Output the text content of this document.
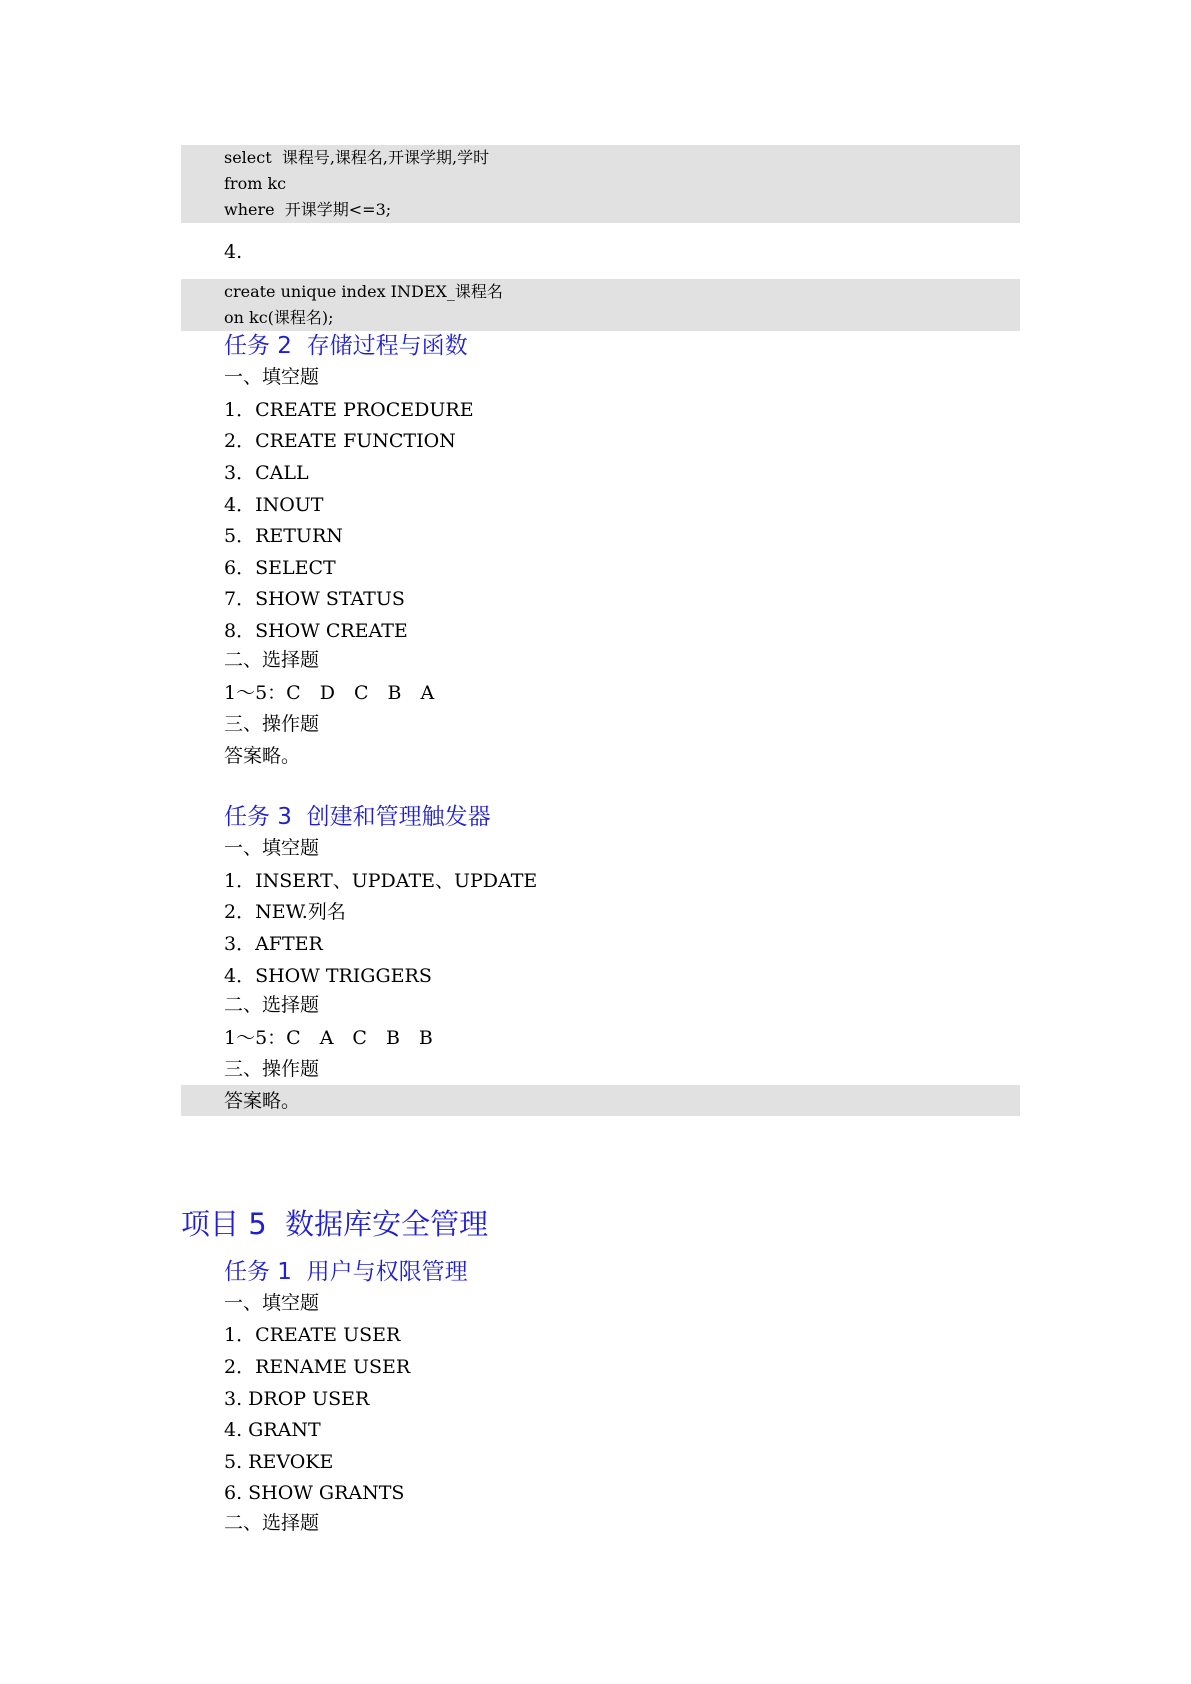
select  课程号,课程名,开课学期,学时
from kc
where  开课学期<=3;
4.
create unique index INDEX_课程名
on kc(课程名);
任务 2  存储过程与函数
一、填空题
1．CREATE PROCEDURE
2．CREATE FUNCTION
3．CALL
4．INOUT
5．RETURN
6．SELECT
7．SHOW STATUS
8．SHOW CREATE
二、选择题
1～5：C　D　C　B　A
三、操作题
答案略。
任务 3  创建和管理触发器
一、填空题
1．INSERT、UPDATE、UPDATE
2．NEW.列名
3．AFTER
4．SHOW TRIGGERS
二、选择题
1～5：C　A　C　B　B
三、操作题
答案略。
项目 5  数据库安全管理
任务 1  用户与权限管理
一、填空题
1．CREATE USER
2．RENAME USER
3. DROP USER
4. GRANT
5. REVOKE
6. SHOW GRANTS
二、选择题
